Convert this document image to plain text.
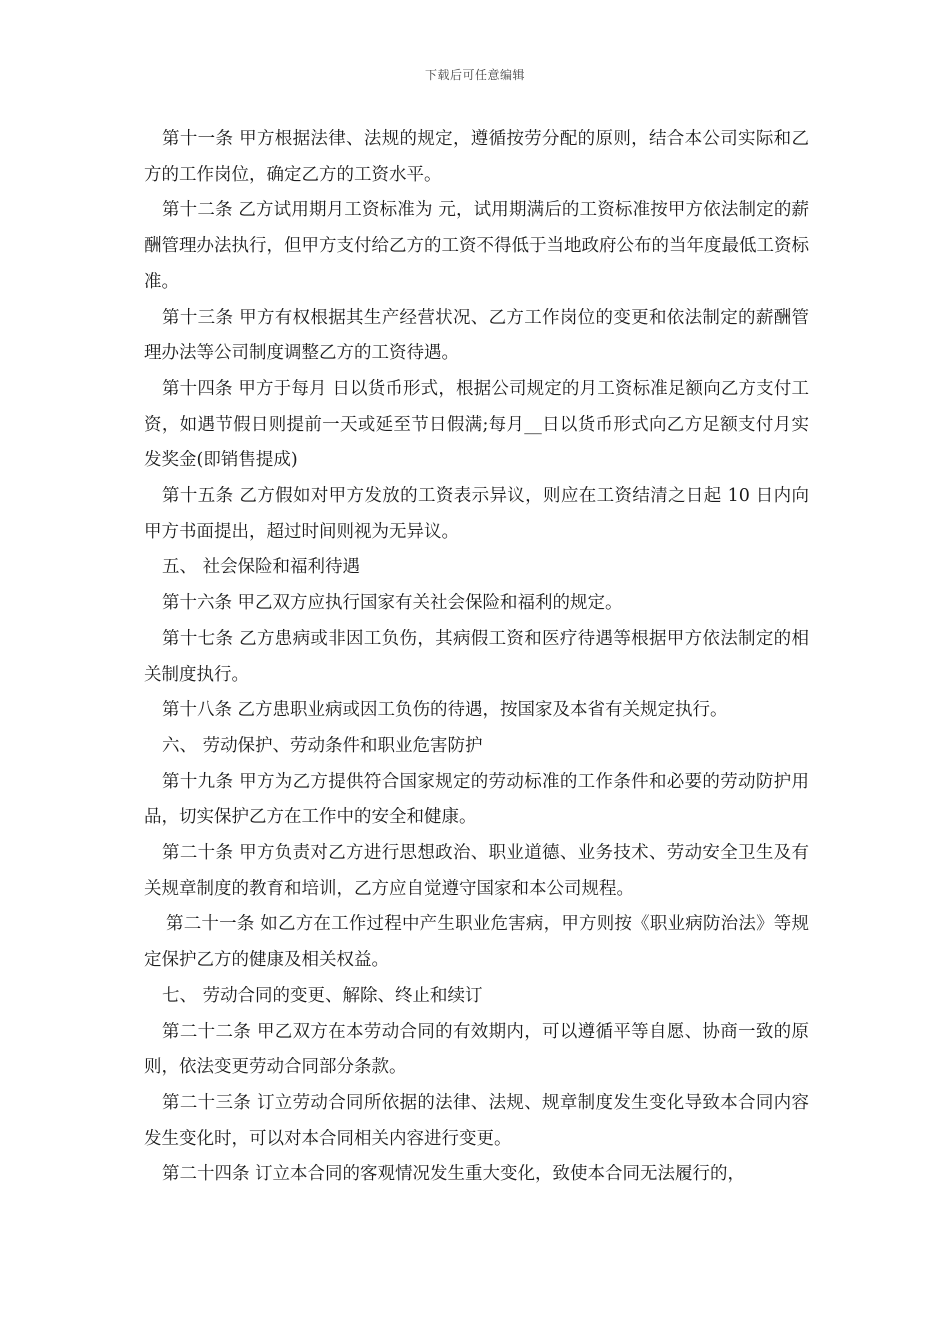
下载后可任意编辑

第十一条 甲方根据法律、法规的规定，遵循按劳分配的原则，结合本公司实际和乙方的工作岗位，确定乙方的工资水平。

第十二条 乙方试用期月工资标准为 元，试用期满后的工资标准按甲方依法制定的薪酬管理办法执行，但甲方支付给乙方的工资不得低于当地政府公布的当年度最低工资标准。

第十三条 甲方有权根据其生产经营状况、乙方工作岗位的变更和依法制定的薪酬管理办法等公司制度调整乙方的工资待遇。

第十四条 甲方于每月 日以货币形式，根据公司规定的月工资标准足额向乙方支付工资，如遇节假日则提前一天或延至节日假满;每月__日以货币形式向乙方足额支付月实发奖金(即销售提成)

第十五条 乙方假如对甲方发放的工资表示异议，则应在工资结清之日起 10 日内向甲方书面提出，超过时间则视为无异议。

五、 社会保险和福利待遇

第十六条 甲乙双方应执行国家有关社会保险和福利的规定。

第十七条 乙方患病或非因工负伤，其病假工资和医疗待遇等根据甲方依法制定的相关制度执行。

第十八条 乙方患职业病或因工负伤的待遇，按国家及本省有关规定执行。

六、 劳动保护、劳动条件和职业危害防护

第十九条 甲方为乙方提供符合国家规定的劳动标准的工作条件和必要的劳动防护用品，切实保护乙方在工作中的安全和健康。

第二十条 甲方负责对乙方进行思想政治、职业道德、业务技术、劳动安全卫生及有关规章制度的教育和培训，乙方应自觉遵守国家和本公司规程。

第二十一条 如乙方在工作过程中产生职业危害病，甲方则按《职业病防治法》等规定保护乙方的健康及相关权益。

七、 劳动合同的变更、解除、终止和续订

第二十二条 甲乙双方在本劳动合同的有效期内，可以遵循平等自愿、协商一致的原则，依法变更劳动合同部分条款。

第二十三条 订立劳动合同所依据的法律、法规、规章制度发生变化导致本合同内容发生变化时，可以对本合同相关内容进行变更。

第二十四条 订立本合同的客观情况发生重大变化，致使本合同无法履行的，
